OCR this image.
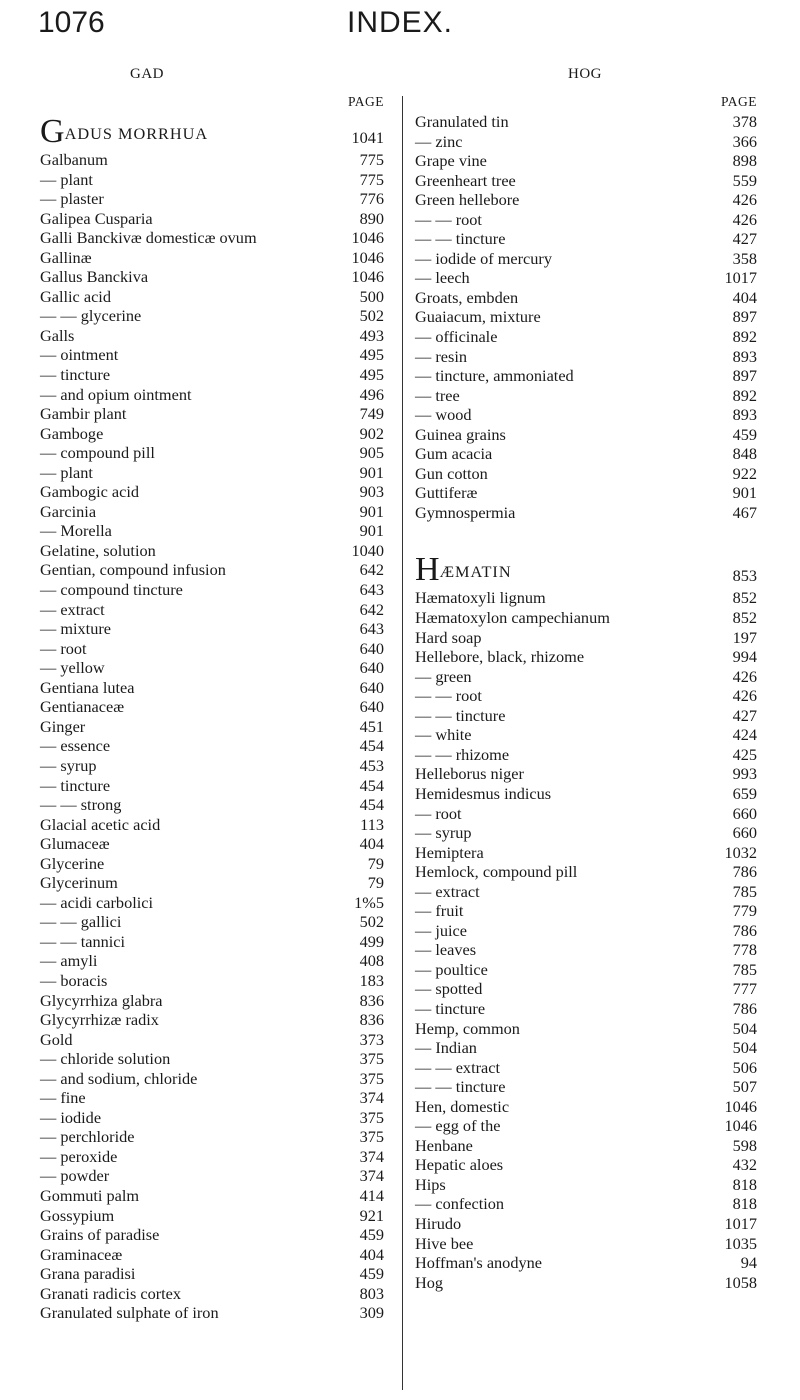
1076	INDEX.
GAD	HOG
PAGE
GADUS MORRHUA	1041
Galbanum	775
— plant	775
— plaster	776
Galipea Cusparia	890
Galli Banckivæ domesticæ ovum	1046
Gallinæ	1046
Gallus Banckiva	1046
Gallic acid	500
— — glycerine	502
Galls	493
— ointment	495
— tincture	495
— and opium ointment	496
Gambir plant	749
Gamboge	902
— compound pill	905
— plant	901
Gambogic acid	903
Garcinia	901
— Morella	901
Gelatine, solution	1040
Gentian, compound infusion	642
— compound tincture	643
— extract	642
— mixture	643
— root	640
— yellow	640
Gentiana lutea	640
Gentianaceæ	640
Ginger	451
— essence	454
— syrup	453
— tincture	454
— — strong	454
Glacial acetic acid	113
Glumaceæ	404
Glycerine	79
Glycerinum	79
— acidi carbolici	1%5
— — gallici	502
— — tannici	499
— amyli	408
— boracis	183
Glycyrrhiza glabra	836
Glycyrrhizæ radix	836
Gold	373
— chloride solution	375
— and sodium, chloride	375
— fine	374
— iodide	375
— perchloride	375
— peroxide	374
— powder	374
Gommuti palm	414
Gossypium	921
Grains of paradise	459
Graminaceæ	404
Grana paradisi	459
Granati radicis cortex	803
Granulated sulphate of iron	309
PAGE
Granulated tin	378
— zinc	366
Grape vine	898
Greenheart tree	559
Green hellebore	426
— — root	426
— — tincture	427
— iodide of mercury	358
— leech	1017
Groats, embden	404
Guaiacum, mixture	897
— officinale	892
— resin	893
— tincture, ammoniated	897
— tree	892
— wood	893
Guinea grains	459
Gum acacia	848
Gun cotton	922
Guttiferæ	901
Gymnospermia	467
HÆMATIN	853
Hæmatoxyli lignum	852
Hæmatoxylon campechianum	852
Hard soap	197
Hellebore, black, rhizome	994
— green	426
— — root	426
— — tincture	427
— white	424
— — rhizome	425
Helleborus niger	993
Hemidesmus indicus	659
— root	660
— syrup	660
Hemiptera	1032
Hemlock, compound pill	786
— extract	785
— fruit	779
— juice	786
— leaves	778
— poultice	785
— spotted	777
— tincture	786
Hemp, common	504
— Indian	504
— — extract	506
— — tincture	507
Hen, domestic	1046
— egg of the	1046
Henbane	598
Hepatic aloes	432
Hips	818
— confection	818
Hirudo	1017
Hive bee	1035
Hoffman's anodyne	94
Hog	1058
